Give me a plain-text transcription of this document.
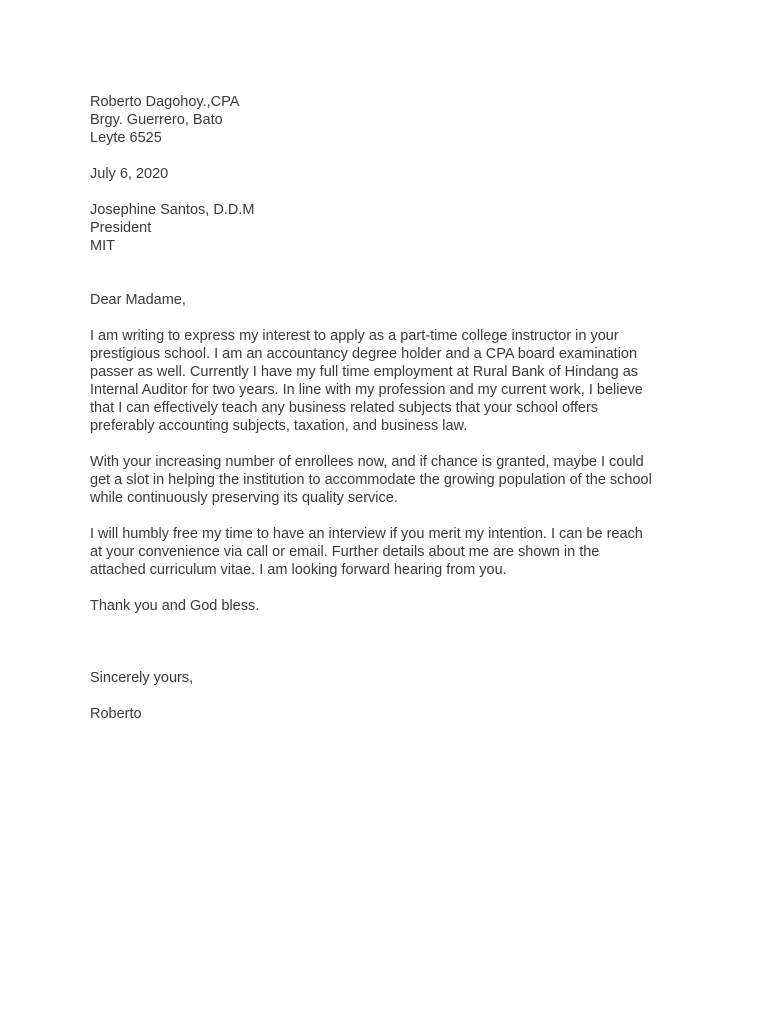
Roberto Dagohoy.,CPA
Brgy. Guerrero, Bato
Leyte 6525
July 6, 2020
Josephine Santos, D.D.M
President
MIT
Dear Madame,
I am writing to express my interest to apply as a part-time college instructor in your
prestigious school. I am an accountancy degree holder and a CPA board examination
passer as well. Currently I have my full time employment at Rural Bank of Hindang as
Internal Auditor for two years. In line with my profession and my current work, I believe
that I can effectively teach any business related subjects that your school offers
preferably accounting subjects, taxation, and business law.
With your increasing number of enrollees now, and if chance is granted, maybe I could
get a slot in helping the institution to accommodate the growing population of the school
while continuously preserving its quality service.
I will humbly free my time to have an interview if you merit my intention. I can be reach
at your convenience via call or email. Further details about me are shown in the
attached curriculum vitae. I am looking forward hearing from you.
Thank you and God bless.
Sincerely yours,
Roberto
